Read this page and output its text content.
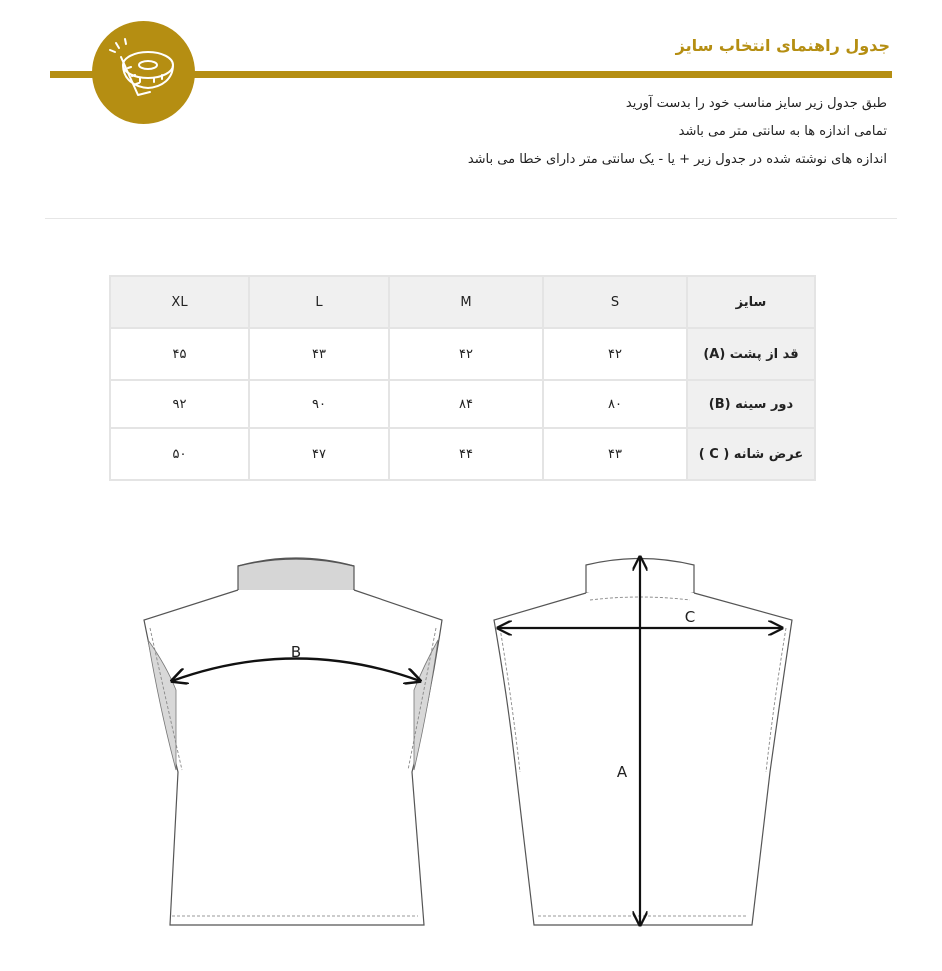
جدول راهنمای انتخاب سایز

طبق جدول زیر سایز مناسب خود را بدست آورید

تمامی اندازه ها به سانتی متر می باشد

اندازه های نوشته شده در جدول زیر + یا - یک سانتی متر دارای خطا می باشد

سایز	S	M	L	XL
قد از پشت (A)	۴۲	۴۲	۴۳	۴۵
دور سینه (B)	۸۰	۸۴	۹۰	۹۲
عرض شانه ( C )	۴۳	۴۴	۴۷	۵۰
B
C
A
